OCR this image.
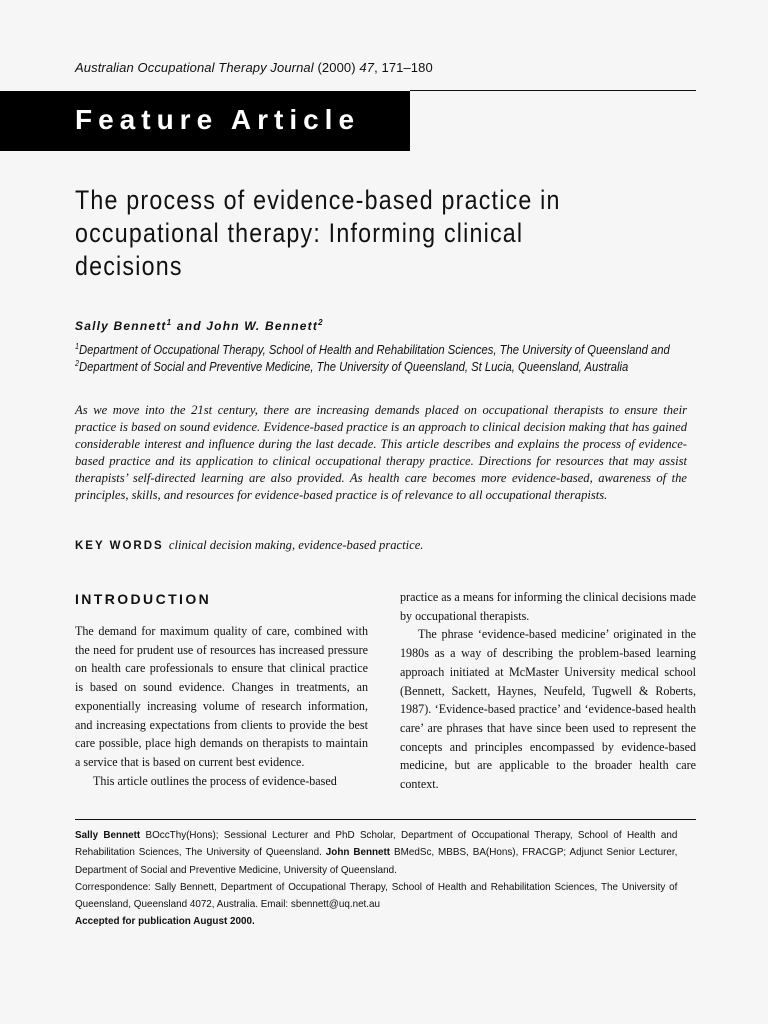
Australian Occupational Therapy Journal (2000) 47, 171–180
Feature Article
The process of evidence-based practice in occupational therapy: Informing clinical decisions
Sally Bennett$^1$ and John W. Bennett$^2$
$^1$Department of Occupational Therapy, School of Health and Rehabilitation Sciences, The University of Queensland and
$^2$Department of Social and Preventive Medicine, The University of Queensland, St Lucia, Queensland, Australia
As we move into the 21st century, there are increasing demands placed on occupational therapists to ensure their practice is based on sound evidence. Evidence-based practice is an approach to clinical decision making that has gained considerable interest and influence during the last decade. This article describes and explains the process of evidence-based practice and its application to clinical occupational therapy practice. Directions for resources that may assist therapists’ self-directed learning are also provided. As health care becomes more evidence-based, awareness of the principles, skills, and resources for evidence-based practice is of relevance to all occupational therapists.
KEY WORDS clinical decision making, evidence-based practice.
INTRODUCTION

The demand for maximum quality of care, combined with the need for prudent use of resources has increased pressure on health care professionals to ensure that clinical practice is based on sound evidence. Changes in treatments, an exponentially increasing volume of research information, and increasing expectations from clients to provide the best care possible, place high demands on therapists to maintain a service that is based on current best evidence.

This article outlines the process of evidence-based

practice as a means for informing the clinical decisions made by occupational therapists.

The phrase ‘evidence-based medicine’ originated in the 1980s as a way of describing the problem-based learning approach initiated at McMaster University medical school (Bennett, Sackett, Haynes, Neufeld, Tugwell & Roberts, 1987). ‘Evidence-based practice’ and ‘evidence-based health care’ are phrases that have since been used to represent the concepts and principles encompassed by evidence-based medicine, but are applicable to the broader health care context.

Sally Bennett BOccThy(Hons); Sessional Lecturer and PhD Scholar, Department of Occupational Therapy, School of Health and Rehabilitation Sciences, The University of Queensland. John Bennett BMedSc, MBBS, BA(Hons), FRACGP; Adjunct Senior Lecturer, Department of Social and Preventive Medicine, University of Queensland.

Correspondence: Sally Bennett, Department of Occupational Therapy, School of Health and Rehabilitation Sciences, The University of Queensland, Queensland 4072, Australia. Email: sbennett@uq.net.au

Accepted for publication August 2000.
